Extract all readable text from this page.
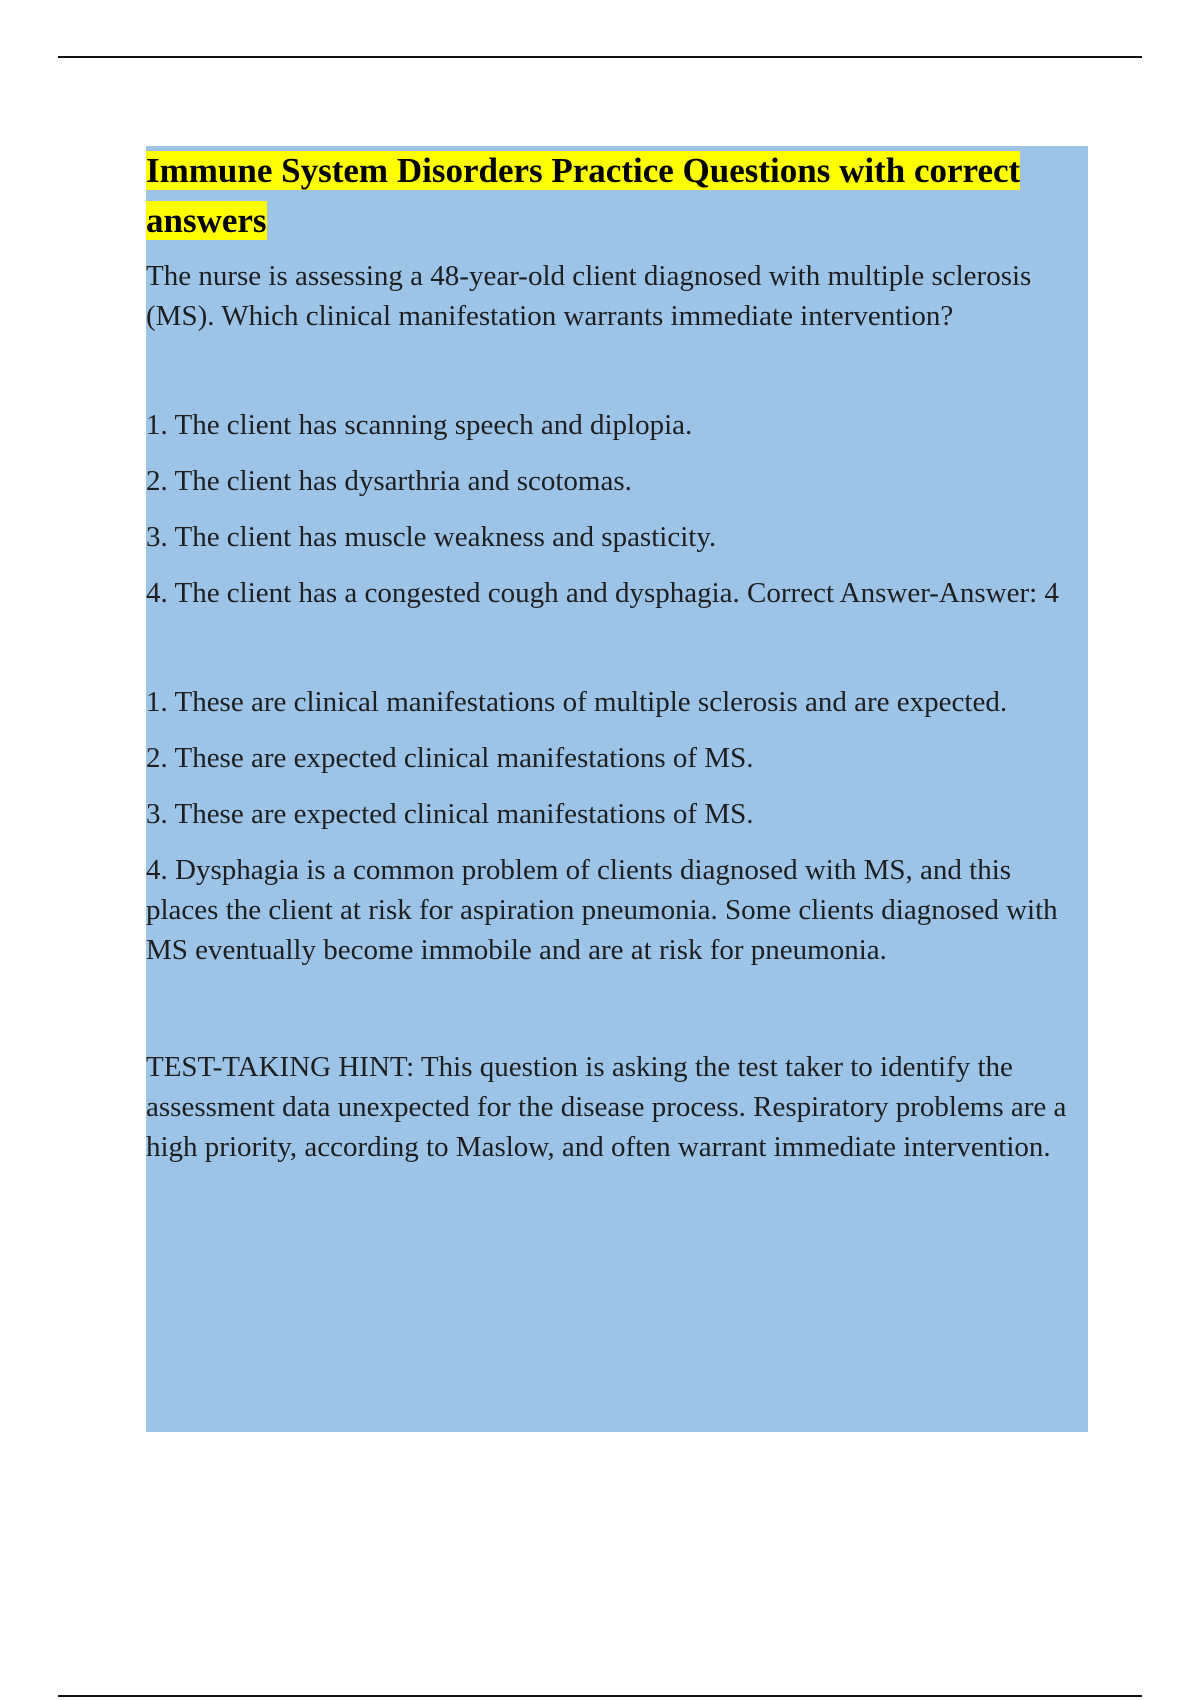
Immune System Disorders Practice Questions with correct answers

The nurse is assessing a 48-year-old client diagnosed with multiple sclerosis (MS). Which clinical manifestation warrants immediate intervention?

1. The client has scanning speech and diplopia.

2. The client has dysarthria and scotomas.

3. The client has muscle weakness and spasticity.

4. The client has a congested cough and dysphagia. Correct Answer-Answer: 4

1. These are clinical manifestations of multiple sclerosis and are expected.

2. These are expected clinical manifestations of MS.

3. These are expected clinical manifestations of MS.

4. Dysphagia is a common problem of clients diagnosed with MS, and this places the client at risk for aspiration pneumonia. Some clients diagnosed with MS eventually become immobile and are at risk for pneumonia.

TEST-TAKING HINT: This question is asking the test taker to identify the assessment data unexpected for the disease process. Respiratory problems are a high priority, according to Maslow, and often warrant immediate intervention.
